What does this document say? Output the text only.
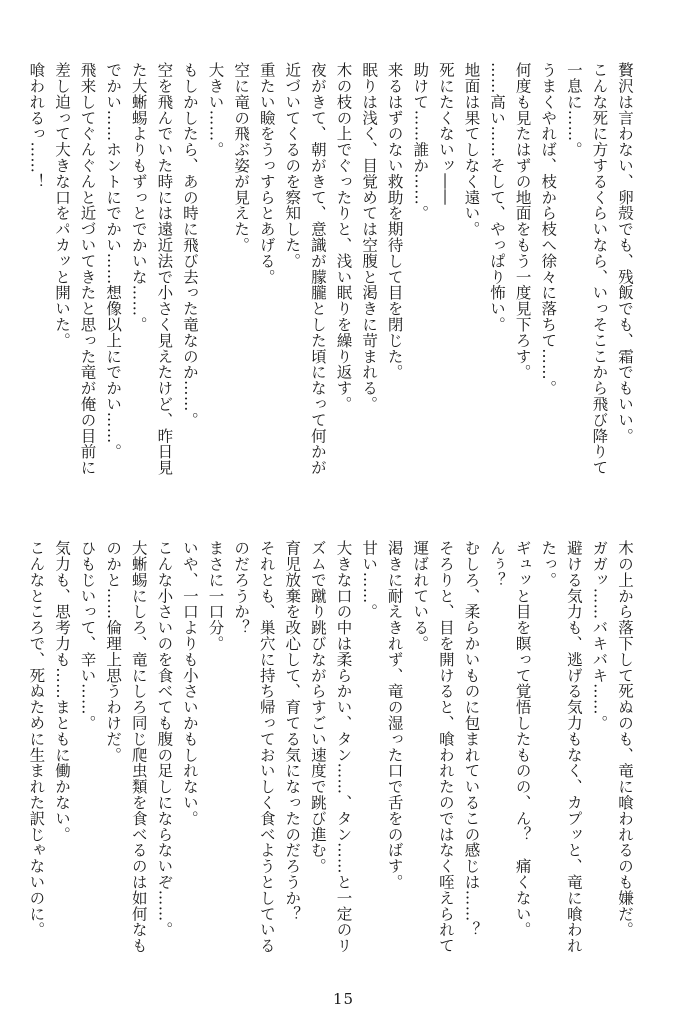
贅沢は言わない、卵殻でも、残飯でも、霜でもいい。
こんな死に方するくらいなら、いっそここから飛び降りて
一息に……。
うまくやれば、枝から枝へ徐々に落ちて……。
何度も見たはずの地面をもう一度見下ろす。
……高い……そして、やっぱり怖い。
地面は果てしなく遠い。
死にたくないッ――
助けて……誰か……。
来るはずのない救助を期待して目を閉じた。
眠りは浅く、目覚めては空腹と渇きに苛まれる。
木の枝の上でぐったりと、浅い眠りを繰り返す。
夜がきて、朝がきて、意識が朦朧とした頃になって何かが
近づいてくるのを察知した。
重たい瞼をうっすらとあげる。
空に竜の飛ぶ姿が見えた。
大きい……。
もしかしたら、あの時に飛び去った竜なのか……。
空を飛んでいた時には遠近法で小さく見えたけど、昨日見
た大蜥蜴よりもずっとでかいな……。
でかい……ホントにでかい……想像以上にでかい……。
飛来してぐんぐんと近づいてきたと思った竜が俺の目前に
差し迫って大きな口をパカッと開いた。
喰われるっ……！
木の上から落下して死ぬのも、竜に喰われるのも嫌だ。
ガガッ……バキバキ……。
避ける気力も、逃げる気力もなく、カプッと、竜に喰われ
たっ。
ギュッと目を瞑って覚悟したものの、ん？　痛くない。
んぅ？
むしろ、柔らかいものに包まれているこの感じは……？
そろりと、目を開けると、喰われたのではなく咥えられて
運ばれている。
渇きに耐えきれず、竜の湿った口で舌をのばす。
甘い……。
大きな口の中は柔らかい、タン……、タン……と一定のリ
ズムで蹴り跳びながらすごい速度で跳び進む。
育児放棄を改心して、育てる気になったのだろうか？
それとも、巣穴に持ち帰っておいしく食べようとしている
のだろうか？
まさに一口分。
いや、一口よりも小さいかもしれない。
こんな小さいのを食べても腹の足しにならないぞ……。
大蜥蜴にしろ、竜にしろ同じ爬虫類を食べるのは如何なも
のかと……倫理上思うわけだ。
ひもじいって、辛い……。
気力も、思考力も……まともに働かない。
こんなところで、死ぬために生まれた訳じゃないのに。
15
